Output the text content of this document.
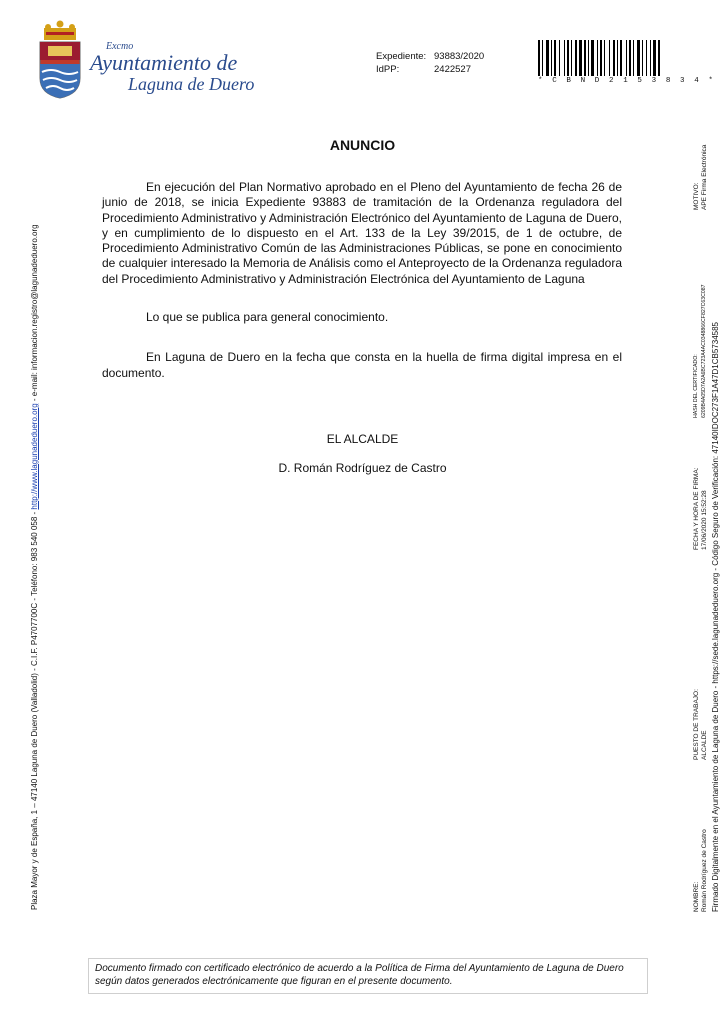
Excmo
Ayuntamiento de
Laguna de Duero
Expediente: 93883/2020
IdPP:	2422527
* C B N D 2 1 5 3 8 3 4 *
ANUNCIO

En ejecución del Plan Normativo aprobado en el Pleno del Ayuntamiento de fecha 26 de junio de 2018, se inicia Expediente 93883 de tramitación de la Ordenanza reguladora del Procedimiento Administrativo y Administración Electrónico del Ayuntamiento de Laguna de Duero, y en cumplimiento de lo dispuesto en el Art. 133 de la Ley 39/2015, de 1 de octubre, de Procedimiento Administrativo Común de las Administraciones Públicas, se pone en conocimiento de cualquier interesado la Memoria de Análisis como el Anteproyecto de la Ordenanza reguladora del Procedimiento Administrativo y Administración Electrónica del Ayuntamiento de Laguna

Lo que se publica para general conocimiento.

En Laguna de Duero en la fecha que consta en la huella de firma digital impresa en el documento.

EL ALCALDE
D. Román Rodríguez de Castro
Plaza Mayor y de España, 1 – 47140 Laguna de Duero (Valladolid) - C.I.F. P4707700C - Teléfono: 983 540 058 - http://www.lagunadeduero.org - e-mail: informacion.registro@lagunadeduero.org
NOMBRE: Román Rodríguez de Castro
PUESTO DE TRABAJO: ALCALDE
FECHA Y HORA DE FIRMA: 17/06/2020 15:52:28
HASH DEL CERTIFICADO: 6209B4A05D7A2A6BC723A4AC0348866CF827C63C087
MOTIVO: APE Firma Electrónica
Firmado Digitalmente en el Ayuntamiento de Laguna de Duero - https://sede.lagunadeduero.org - Código Seguro de Verificación: 47140IDOC273F1A47D1CB5734585
Documento firmado con certificado electrónico de acuerdo a la Política de Firma del Ayuntamiento de Laguna de Duero según datos generados electrónicamente que figuran en el presente documento.
